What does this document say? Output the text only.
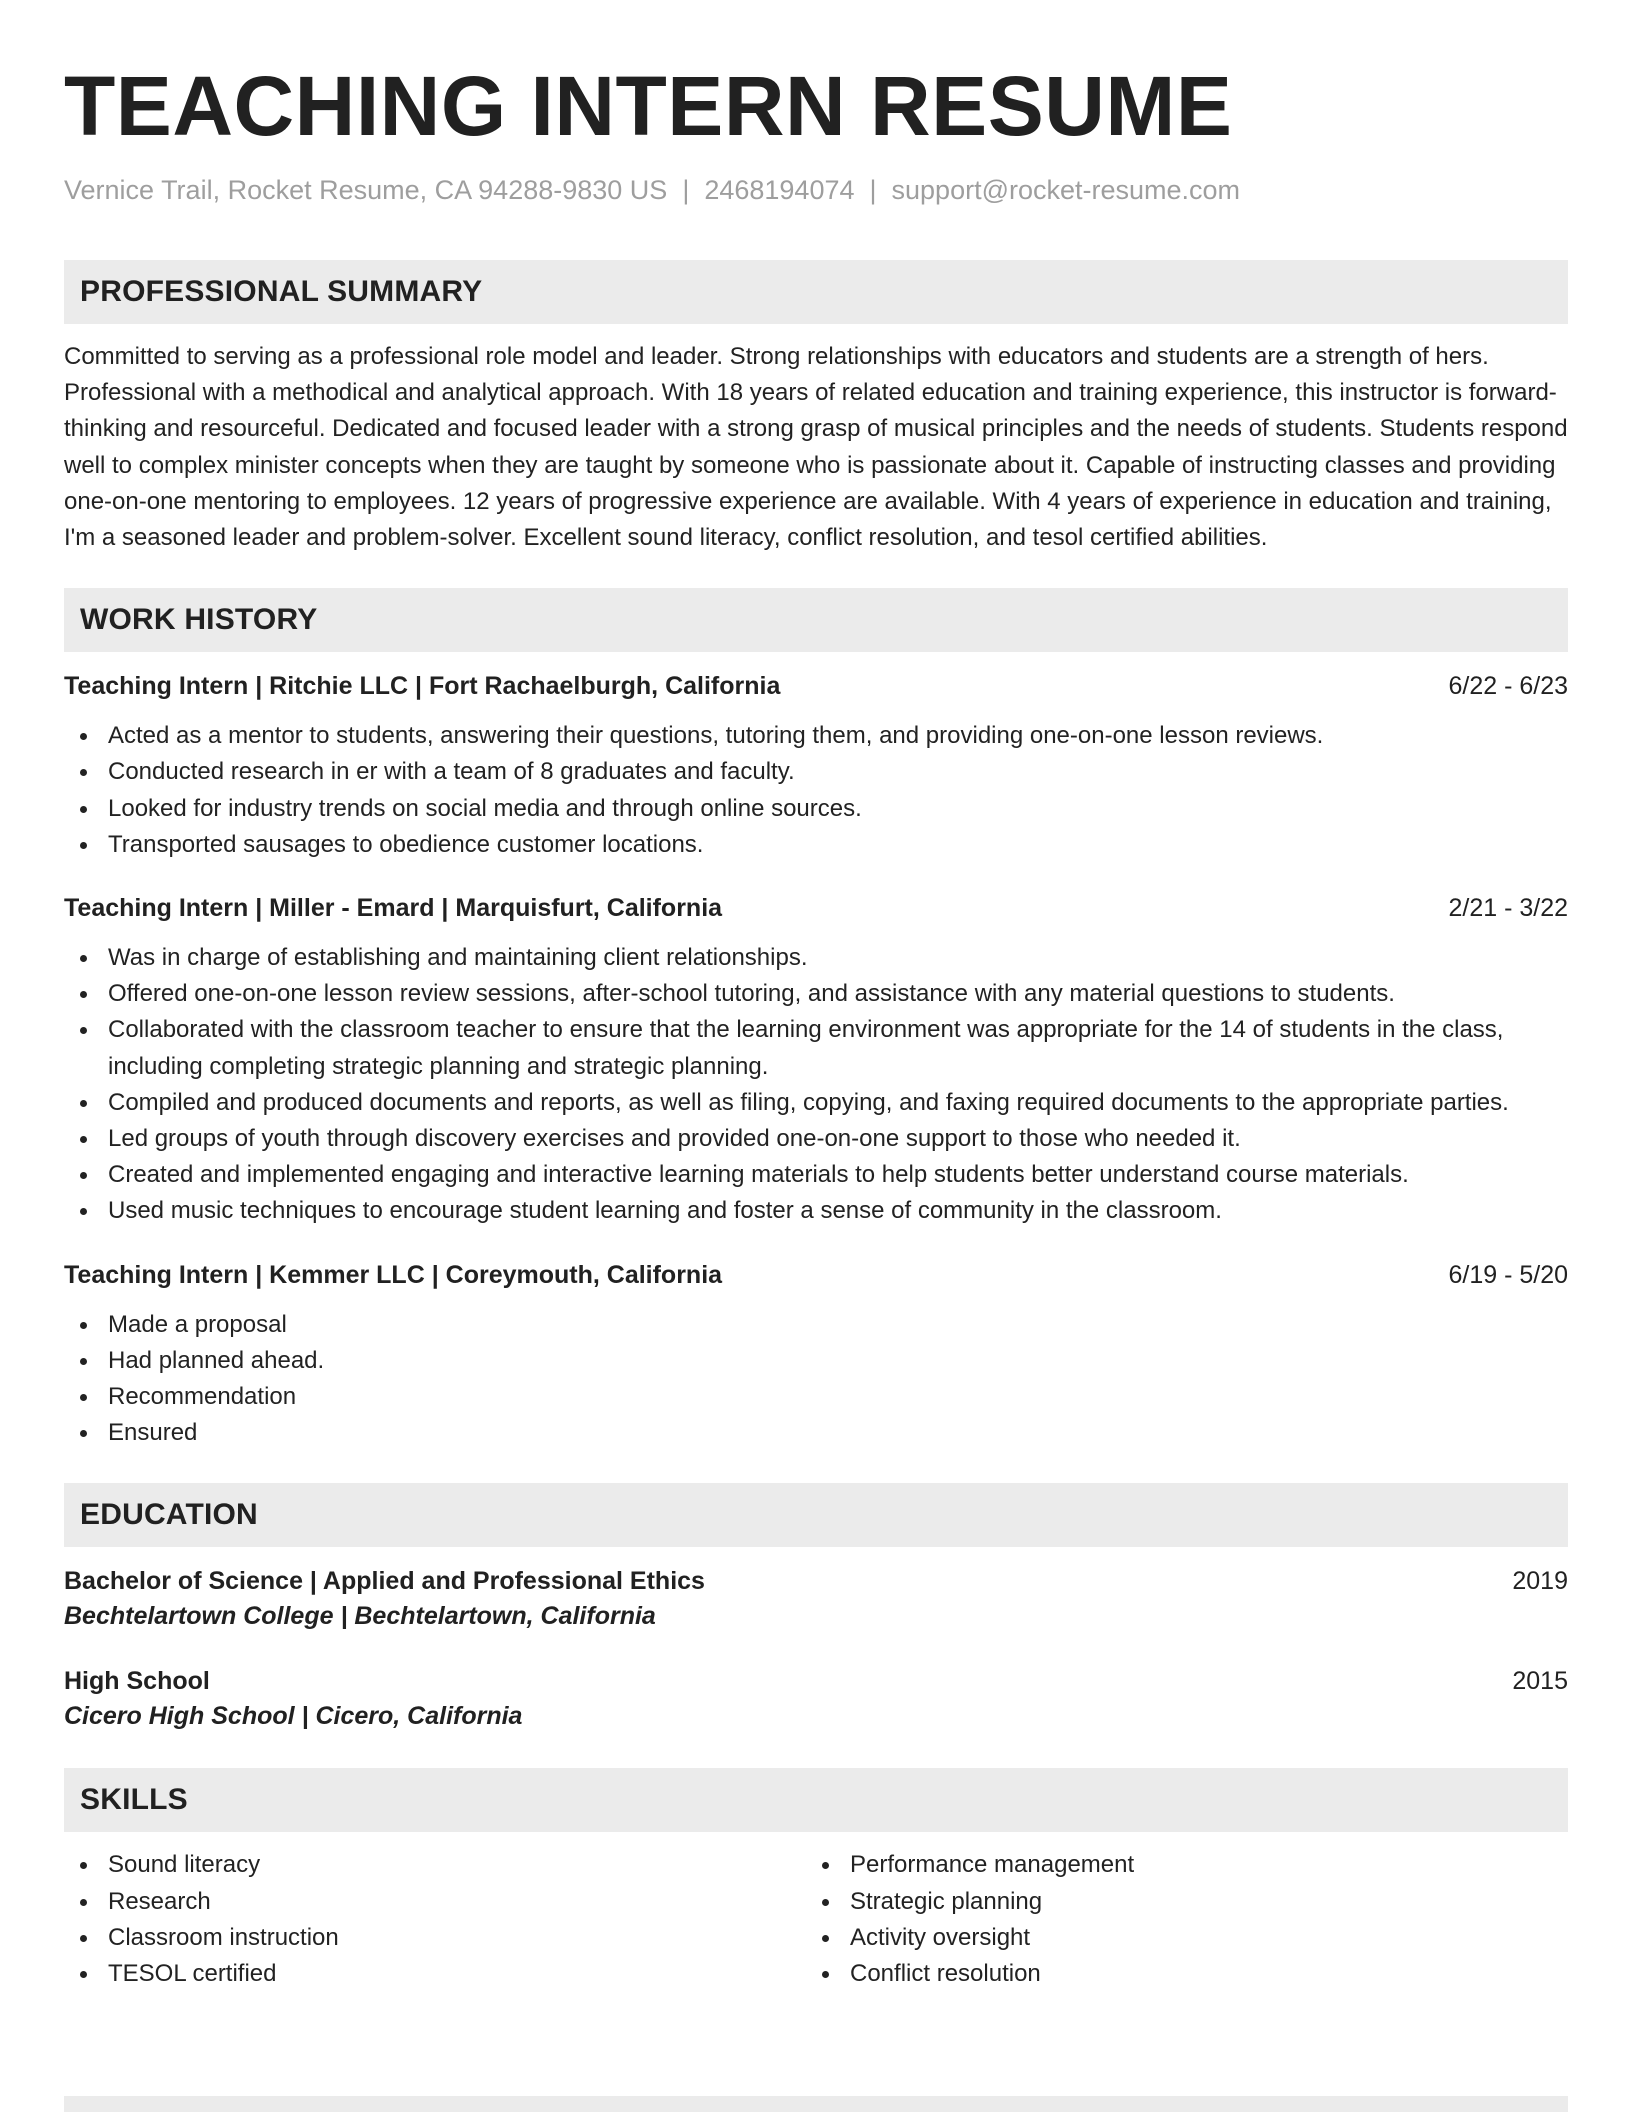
TEACHING INTERN RESUME
Vernice Trail, Rocket Resume, CA 94288-9830 US | 2468194074 | support@rocket-resume.com
PROFESSIONAL SUMMARY
Committed to serving as a professional role model and leader. Strong relationships with educators and students are a strength of hers. Professional with a methodical and analytical approach. With 18 years of related education and training experience, this instructor is forward-thinking and resourceful. Dedicated and focused leader with a strong grasp of musical principles and the needs of students. Students respond well to complex minister concepts when they are taught by someone who is passionate about it. Capable of instructing classes and providing one-on-one mentoring to employees. 12 years of progressive experience are available. With 4 years of experience in education and training, I'm a seasoned leader and problem-solver. Excellent sound literacy, conflict resolution, and tesol certified abilities.
WORK HISTORY
Teaching Intern | Ritchie LLC | Fort Rachaelburgh, California	6/22 - 6/23
Acted as a mentor to students, answering their questions, tutoring them, and providing one-on-one lesson reviews.
Conducted research in er with a team of 8 graduates and faculty.
Looked for industry trends on social media and through online sources.
Transported sausages to obedience customer locations.
Teaching Intern | Miller - Emard | Marquisfurt, California	2/21 - 3/22
Was in charge of establishing and maintaining client relationships.
Offered one-on-one lesson review sessions, after-school tutoring, and assistance with any material questions to students.
Collaborated with the classroom teacher to ensure that the learning environment was appropriate for the 14 of students in the class, including completing strategic planning and strategic planning.
Compiled and produced documents and reports, as well as filing, copying, and faxing required documents to the appropriate parties.
Led groups of youth through discovery exercises and provided one-on-one support to those who needed it.
Created and implemented engaging and interactive learning materials to help students better understand course materials.
Used music techniques to encourage student learning and foster a sense of community in the classroom.
Teaching Intern | Kemmer LLC | Coreymouth, California	6/19 - 5/20
Made a proposal
Had planned ahead.
Recommendation
Ensured
EDUCATION
Bachelor of Science | Applied and Professional Ethics	2019
Bechtelartown College | Bechtelartown, California
High School	2015
Cicero High School | Cicero, California
SKILLS
Sound literacy
Research
Classroom instruction
TESOL certified
Performance management
Strategic planning
Activity oversight
Conflict resolution
